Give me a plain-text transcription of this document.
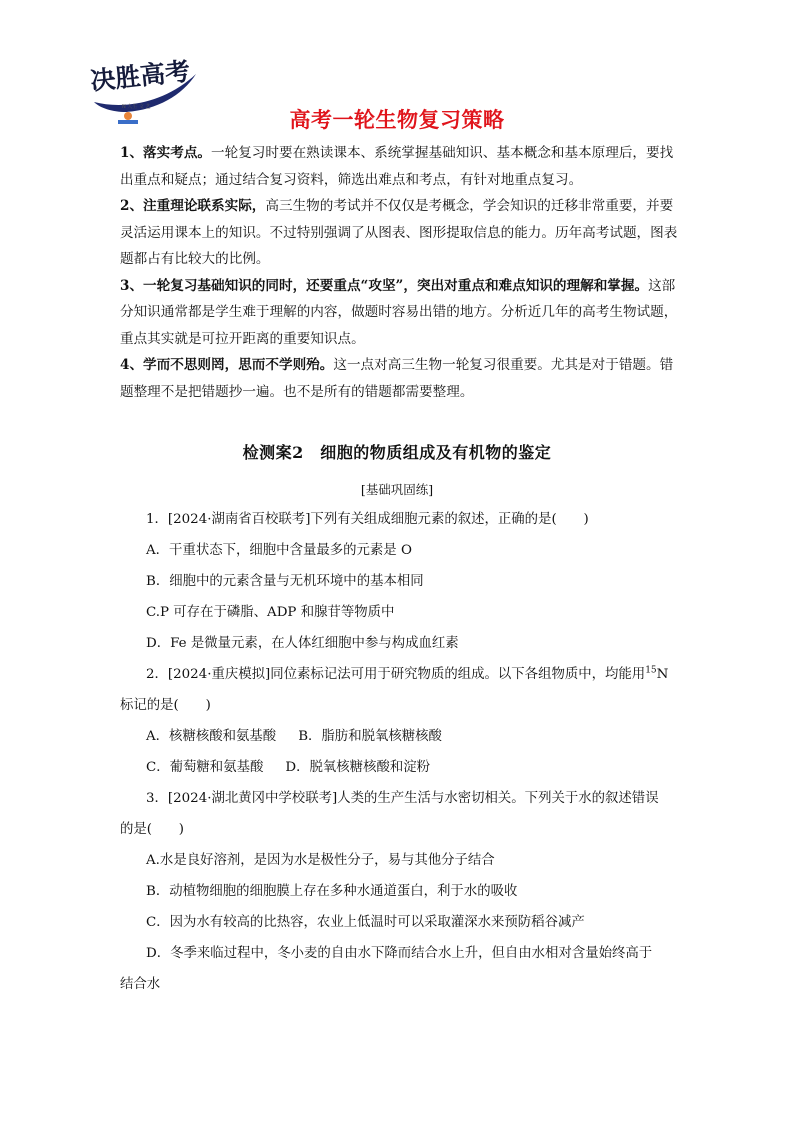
决胜高考
N 人生 文 艺
高考一轮生物复习策略

1、落实考点。一轮复习时要在熟读课本、系统掌握基础知识、基本概念和基本原理后，要找出重点和疑点；通过结合复习资料，筛选出难点和考点，有针对地重点复习。

2、注重理论联系实际，高三生物的考试并不仅仅是考概念，学会知识的迁移非常重要，并要灵活运用课本上的知识。不过特别强调了从图表、图形提取信息的能力。历年高考试题，图表题都占有比较大的比例。

3、一轮复习基础知识的同时，还要重点“攻坚”，突出对重点和难点知识的理解和掌握。这部分知识通常都是学生难于理解的内容，做题时容易出错的地方。分析近几年的高考生物试题，重点其实就是可拉开距离的重要知识点。

4、学而不思则罔，思而不学则殆。这一点对高三生物一轮复习很重要。尤其是对于错题。错题整理不是把错题抄一遍。也不是所有的错题都需要整理。

检测案2　细胞的物质组成及有机物的鉴定
[基础巩固练]

1．[2024·湖南省百校联考]下列有关组成细胞元素的叙述，正确的是(　　)

A．干重状态下，细胞中含量最多的元素是 O

B．细胞中的元素含量与无机环境中的基本相同

C.P 可存在于磷脂、ADP 和腺苷等物质中

D．Fe 是微量元素，在人体红细胞中参与构成血红素

2．[2024·重庆模拟]同位素标记法可用于研究物质的组成。以下各组物质中，均能用$^{15}$N

标记的是(　　)

A．核糖核酸和氨基酸 B．脂肪和脱氧核糖核酸

C．葡萄糖和氨基酸 D．脱氧核糖核酸和淀粉

3．[2024·湖北黄冈中学校联考]人类的生产生活与水密切相关。下列关于水的叙述错误

的是(　　)

A.水是良好溶剂，是因为水是极性分子，易与其他分子结合

B．动植物细胞的细胞膜上存在多种水通道蛋白，利于水的吸收

C．因为水有较高的比热容，农业上低温时可以采取灌深水来预防稻谷减产

D．冬季来临过程中，冬小麦的自由水下降而结合水上升，但自由水相对含量始终高于

结合水
